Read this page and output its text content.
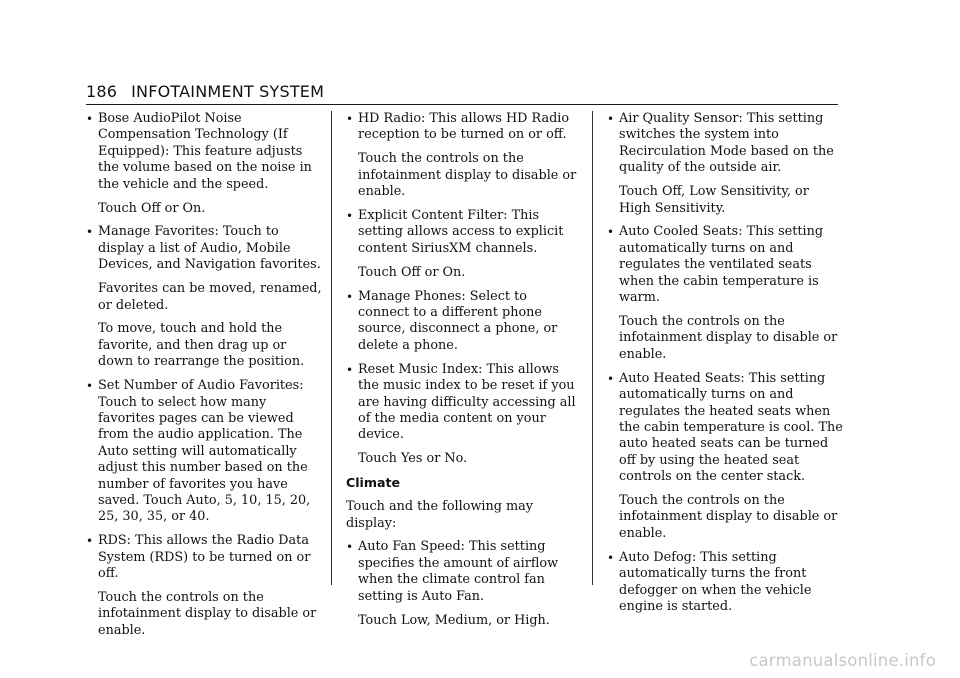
186 INFOTAINMENT SYSTEM
• Bose AudioPilot Noise Compensation Technology (If Equipped): This feature adjusts the volume based on the noise in the vehicle and the speed.
Touch Off or On.
• Manage Favorites: Touch to display a list of Audio, Mobile Devices, and Navigation favorites.
Favorites can be moved, renamed, or deleted.
To move, touch and hold the favorite, and then drag up or down to rearrange the position.
• Set Number of Audio Favorites: Touch to select how many favorites pages can be viewed from the audio application. The Auto setting will automatically adjust this number based on the number of favorites you have saved. Touch Auto, 5, 10, 15, 20, 25, 30, 35, or 40.
• RDS: This allows the Radio Data System (RDS) to be turned on or off.
Touch the controls on the infotainment display to disable or enable.
• HD Radio: This allows HD Radio reception to be turned on or off.
Touch the controls on the infotainment display to disable or enable.
• Explicit Content Filter: This setting allows access to explicit content SiriusXM channels.
Touch Off or On.
• Manage Phones: Select to connect to a different phone source, disconnect a phone, or delete a phone.
• Reset Music Index: This allows the music index to be reset if you are having difficulty accessing all of the media content on your device.
Touch Yes or No.
Climate
Touch and the following may display:
• Auto Fan Speed: This setting specifies the amount of airflow when the climate control fan setting is Auto Fan.
Touch Low, Medium, or High.
• Air Quality Sensor: This setting switches the system into Recirculation Mode based on the quality of the outside air.
Touch Off, Low Sensitivity, or High Sensitivity.
• Auto Cooled Seats: This setting automatically turns on and regulates the ventilated seats when the cabin temperature is warm.
Touch the controls on the infotainment display to disable or enable.
• Auto Heated Seats: This setting automatically turns on and regulates the heated seats when the cabin temperature is cool. The auto heated seats can be turned off by using the heated seat controls on the center stack.
Touch the controls on the infotainment display to disable or enable.
• Auto Defog: This setting automatically turns the front defogger on when the vehicle engine is started.
carmanualsonline.info
